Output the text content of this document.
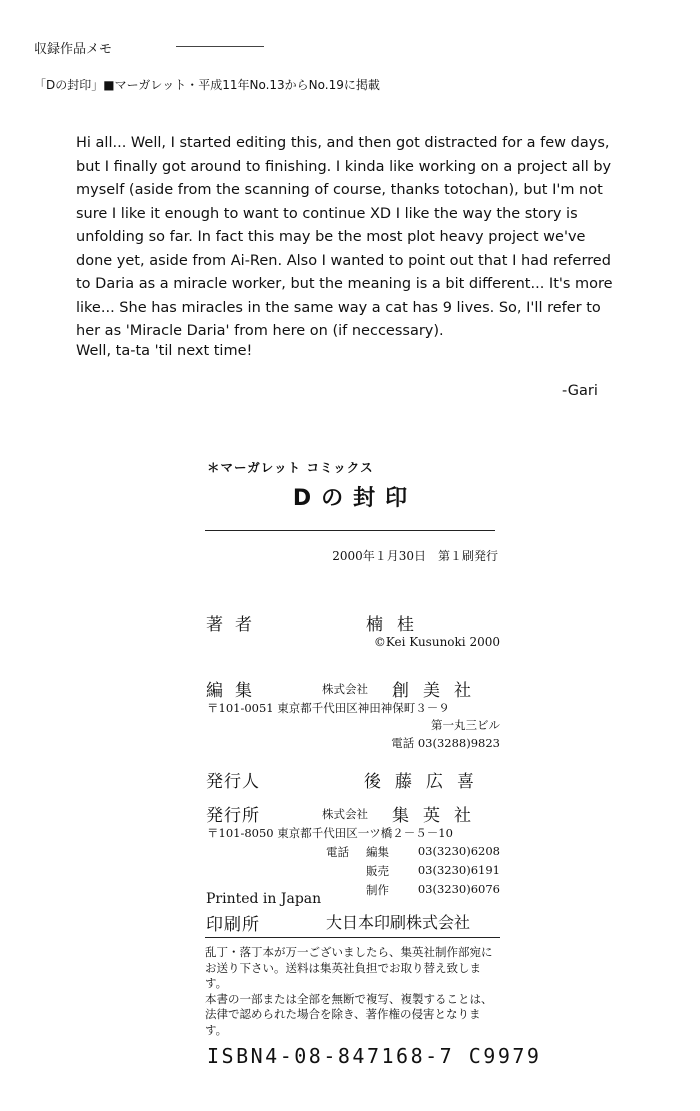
収録作品メモ
「Dの封印」■マーガレット・平成11年No.13からNo.19に掲載

Hi all... Well, I started editing this, and then got distracted for a few days, but I finally got around to finishing. I kinda like working on a project all by myself (aside from the scanning of course, thanks totochan), but I'm not sure I like it enough to want to continue XD I like the way the story is unfolding so far. In fact this may be the most plot heavy project we've done yet, aside from Ai-Ren. Also I wanted to point out that I had referred to Daria as a miracle worker, but the meaning is a bit different... It's more like... She has miracles in the same way a cat has 9 lives. So, I'll refer to her as 'Miracle Daria' from here on (if neccessary).

Well, ta-ta 'til next time!
-Gari
＊マーガレット コミックス
Dの封印
2000年１月30日　第１刷発行
著者	楠桂
©Kei Kusunoki 2000
編集	株式会社 創美社
〒101-0051 東京都千代田区神田神保町３－９
第一丸三ビル
電話 03(3288)9823
発行人	後藤広喜
発行所	株式会社 集英社
〒101-8050 東京都千代田区一ツ橋２－５－10
電話 編集	03(3230)6208
販売	03(3230)6191
制作	03(3230)6076
Printed in Japan
印刷所	大日本印刷株式会社

乱丁・落丁本が万一ございましたら、集英社制作部宛にお送り下さい。送料は集英社負担でお取り替え致します。

本書の一部または全部を無断で複写、複製することは、法律で認められた場合を除き、著作権の侵害となります。

ISBN4-08-847168-7 C9979
